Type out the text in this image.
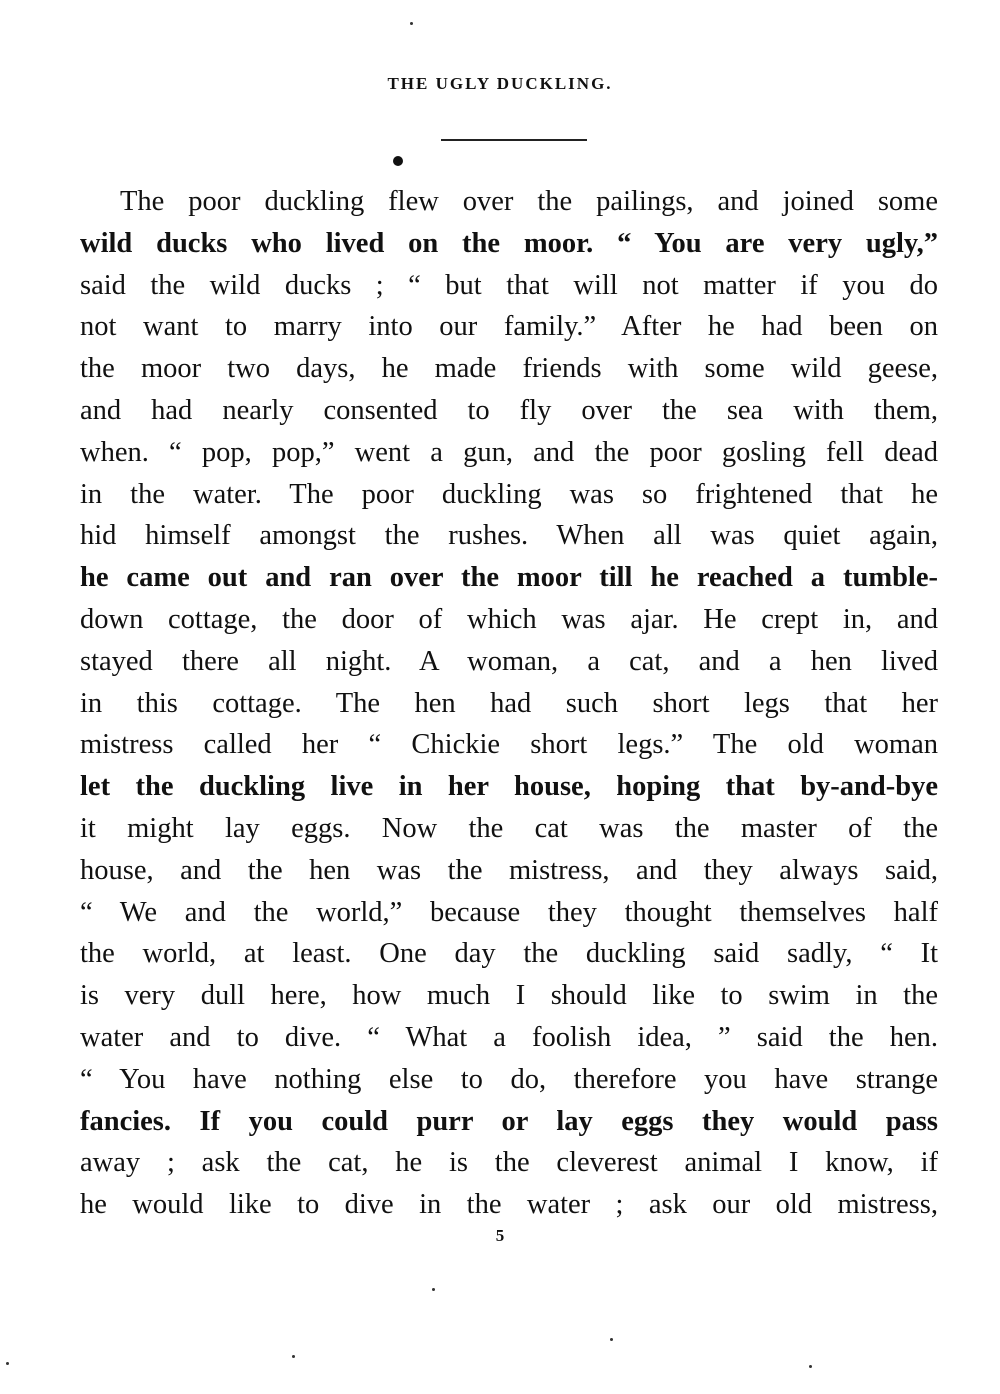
THE UGLY DUCKLING.
The poor duckling flew over the pailings, and joined some
wild ducks who lived on the moor. “ You are very ugly,”
said the wild ducks ; “ but that will not matter if you do
not want to marry into our family.” After he had been on
the moor two days, he made friends with some wild geese,
and had nearly consented to fly over the sea with them,
when. “ pop, pop,” went a gun, and the poor gosling fell dead
in the water. The poor duckling was so frightened that he
hid himself amongst the rushes. When all was quiet again,
he came out and ran over the moor till he reached a tumble-
down cottage, the door of which was ajar. He crept in, and
stayed there all night. A woman, a cat, and a hen lived
in this cottage. The hen had such short legs that her
mistress called her “ Chickie short legs.” The old woman
let the duckling live in her house, hoping that by-and-bye
it might lay eggs. Now the cat was the master of the
house, and the hen was the mistress, and they always said,
“ We and the world,” because they thought themselves half
the world, at least. One day the duckling said sadly, “ It
is very dull here, how much I should like to swim in the
water and to dive. “ What a foolish idea, ” said the hen.
“ You have nothing else to do, therefore you have strange
fancies. If you could purr or lay eggs they would pass
away ; ask the cat, he is the cleverest animal I know, if
he would like to dive in the water ; ask our old mistress,
5
